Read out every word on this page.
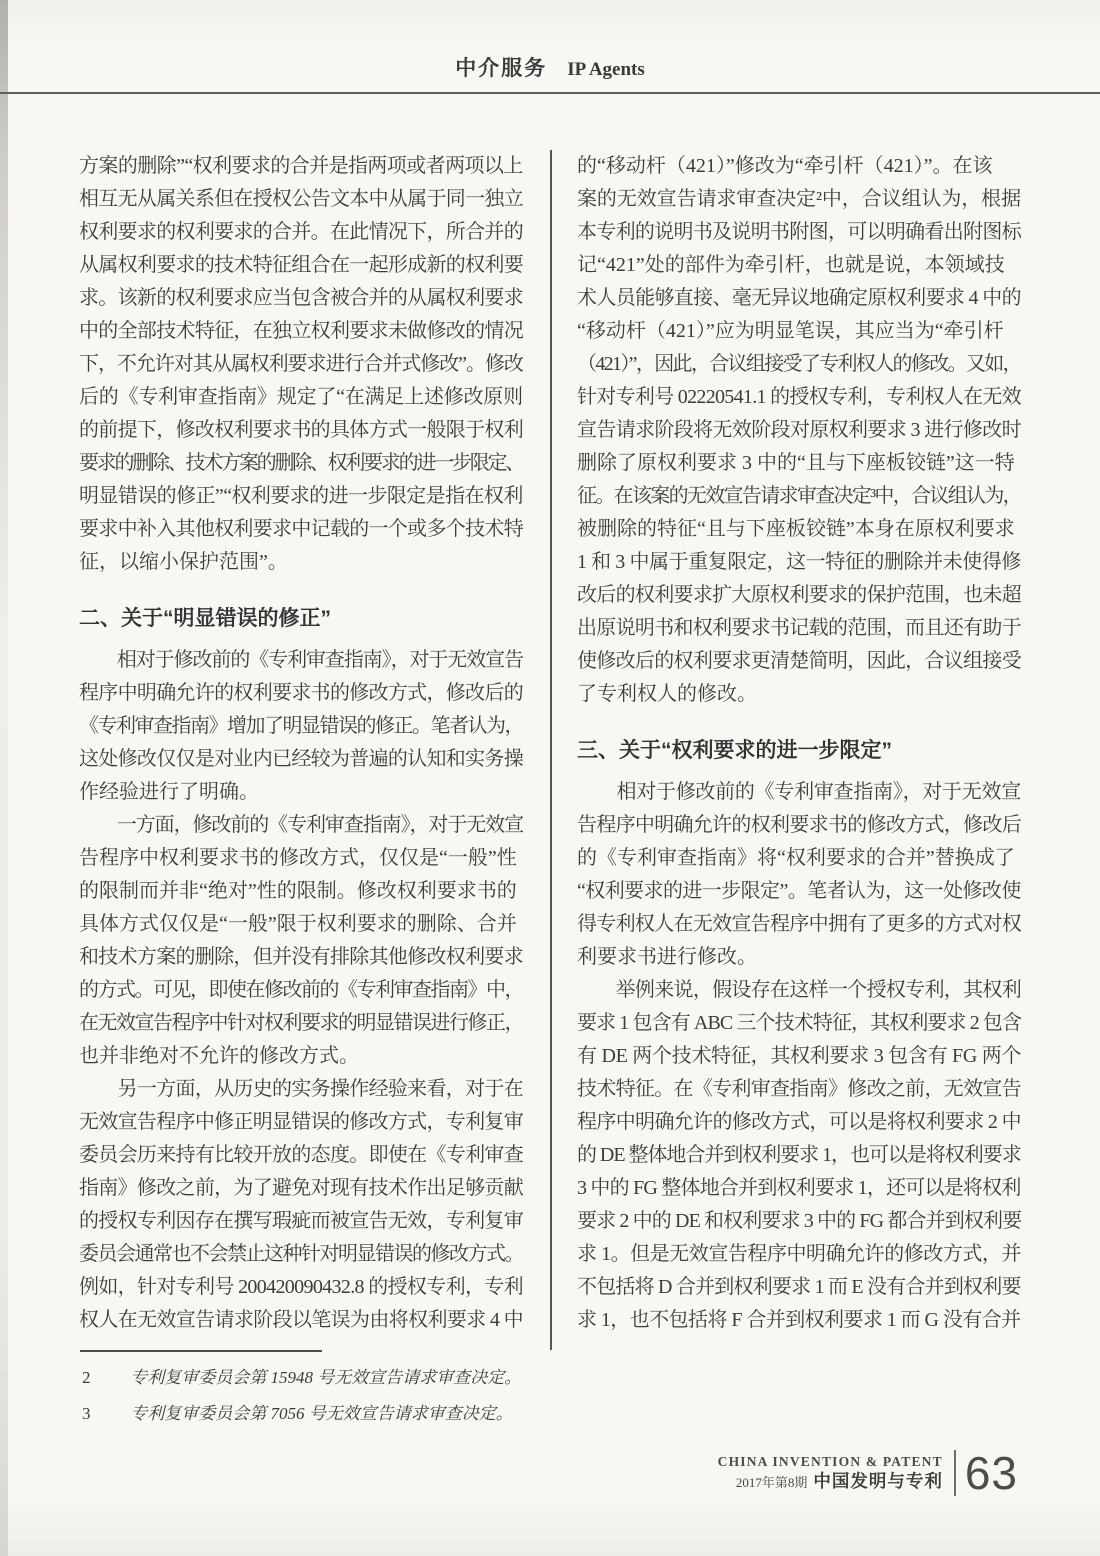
中介服务 IP Agents
方案的删除”“权利要求的合并是指两项或者两项以上
相互无从属关系但在授权公告文本中从属于同一独立
权利要求的权利要求的合并。在此情况下，所合并的
从属权利要求的技术特征组合在一起形成新的权利要
求。该新的权利要求应当包含被合并的从属权利要求
中的全部技术特征，在独立权利要求未做修改的情况
下，不允许对其从属权利要求进行合并式修改”。修改
后的《专利审查指南》规定了“在满足上述修改原则
的前提下，修改权利要求书的具体方式一般限于权利
要求的删除、技术方案的删除、权利要求的进一步限定、
明显错误的修正”“权利要求的进一步限定是指在权利
要求中补入其他权利要求中记载的一个或多个技术特
征，以缩小保护范围”。
二、关于“明显错误的修正”
　　相对于修改前的《专利审查指南》，对于无效宣告
程序中明确允许的权利要求书的修改方式，修改后的
《专利审查指南》增加了明显错误的修正。笔者认为，
这处修改仅仅是对业内已经较为普遍的认知和实务操
作经验进行了明确。
　　一方面，修改前的《专利审查指南》，对于无效宣
告程序中权利要求书的修改方式，仅仅是“一般”性
的限制而并非“绝对”性的限制。修改权利要求书的
具体方式仅仅是“一般”限于权利要求的删除、合并
和技术方案的删除，但并没有排除其他修改权利要求
的方式。可见，即使在修改前的《专利审查指南》中，
在无效宣告程序中针对权利要求的明显错误进行修正，
也并非绝对不允许的修改方式。
　　另一方面，从历史的实务操作经验来看，对于在
无效宣告程序中修正明显错误的修改方式，专利复审
委员会历来持有比较开放的态度。即使在《专利审查
指南》修改之前，为了避免对现有技术作出足够贡献
的授权专利因存在撰写瑕疵而被宣告无效，专利复审
委员会通常也不会禁止这种针对明显错误的修改方式。
例如，针对专利号 200420090432.8 的授权专利，专利
权人在无效宣告请求阶段以笔误为由将权利要求 4 中
的“移动杆（421）”修改为“牵引杆（421）”。在该
案的无效宣告请求审查决定²中，合议组认为，根据
本专利的说明书及说明书附图，可以明确看出附图标
记“421”处的部件为牵引杆，也就是说，本领域技
术人员能够直接、毫无异议地确定原权利要求 4 中的
“移动杆（421）”应为明显笔误，其应当为“牵引杆
（421）”，因此，合议组接受了专利权人的修改。又如，
针对专利号 02220541.1 的授权专利，专利权人在无效
宣告请求阶段将无效阶段对原权利要求 3 进行修改时
删除了原权利要求 3 中的“且与下座板铰链”这一特
征。在该案的无效宣告请求审查决定³中，合议组认为，
被删除的特征“且与下座板铰链”本身在原权利要求
1 和 3 中属于重复限定，这一特征的删除并未使得修
改后的权利要求扩大原权利要求的保护范围，也未超
出原说明书和权利要求书记载的范围，而且还有助于
使修改后的权利要求更清楚简明，因此，合议组接受
了专利权人的修改。
三、关于“权利要求的进一步限定”
　　相对于修改前的《专利审查指南》，对于无效宣
告程序中明确允许的权利要求书的修改方式，修改后
的《专利审查指南》将“权利要求的合并”替换成了
“权利要求的进一步限定”。笔者认为，这一处修改使
得专利权人在无效宣告程序中拥有了更多的方式对权
利要求书进行修改。
　　举例来说，假设存在这样一个授权专利，其权利
要求 1 包含有 ABC 三个技术特征，其权利要求 2 包含
有 DE 两个技术特征，其权利要求 3 包含有 FG 两个
技术特征。在《专利审查指南》修改之前，无效宣告
程序中明确允许的修改方式，可以是将权利要求 2 中
的 DE 整体地合并到权利要求 1，也可以是将权利要求
3 中的 FG 整体地合并到权利要求 1，还可以是将权利
要求 2 中的 DE 和权利要求 3 中的 FG 都合并到权利要
求 1。但是无效宣告程序中明确允许的修改方式，并
不包括将 D 合并到权利要求 1 而 E 没有合并到权利要
求 1，也不包括将 F 合并到权利要求 1 而 G 没有合并
2 专利复审委员会第 15948 号无效宣告请求审查决定。
3 专利复审委员会第 7056 号无效宣告请求审查决定。
CHINA INVENTION & PATENT
2017年第8期 中国发明与专利 63
